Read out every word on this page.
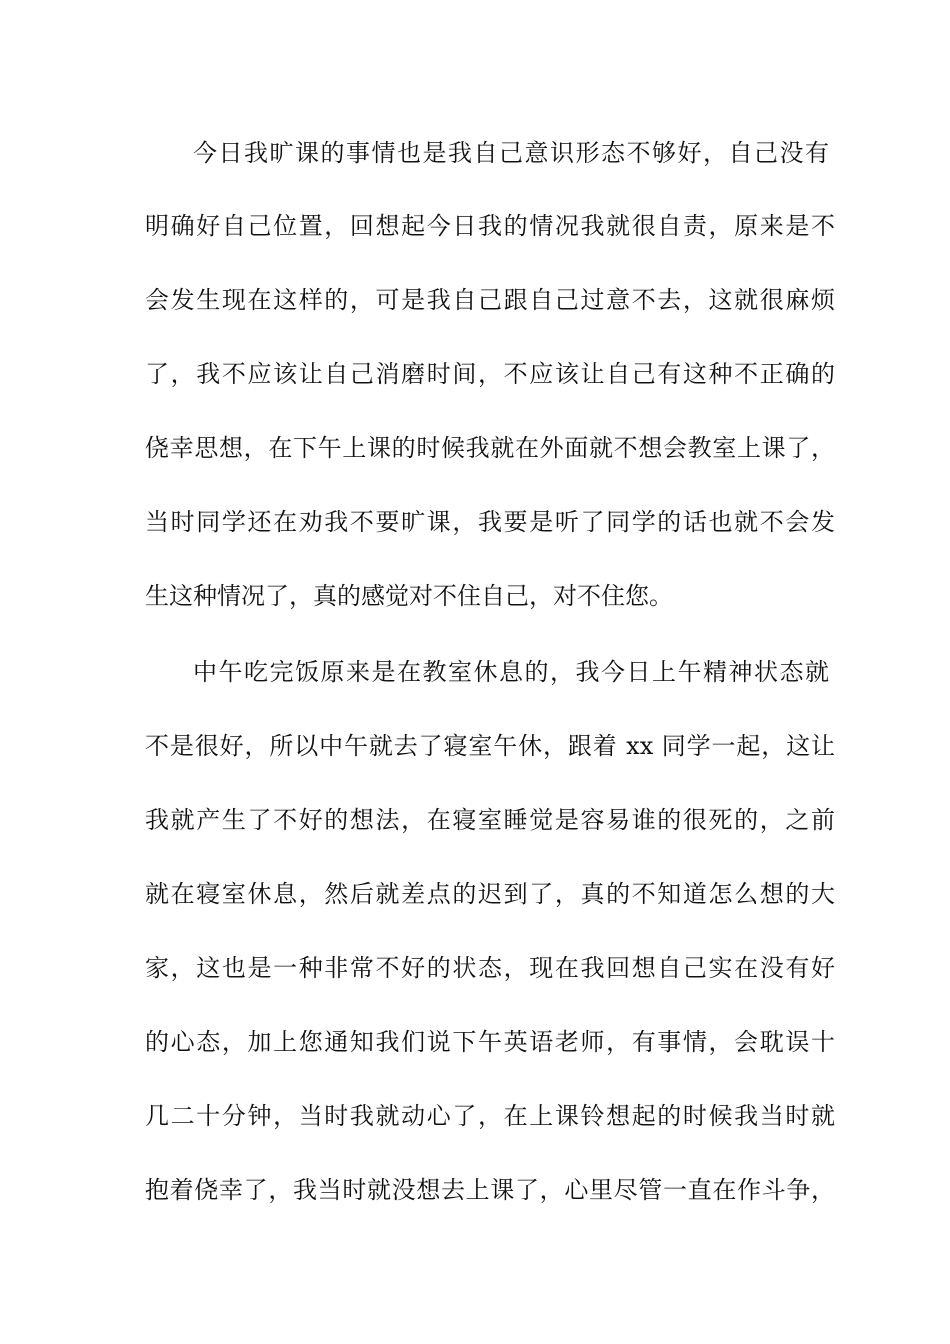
今日我旷课的事情也是我自己意识形态不够好，自己没有
明确好自己位置，回想起今日我的情况我就很自责，原来是不
会发生现在这样的，可是我自己跟自己过意不去，这就很麻烦
了，我不应该让自己消磨时间，不应该让自己有这种不正确的
侥幸思想，在下午上课的时候我就在外面就不想会教室上课了，
当时同学还在劝我不要旷课，我要是听了同学的话也就不会发
生这种情况了，真的感觉对不住自己，对不住您。
中午吃完饭原来是在教室休息的，我今日上午精神状态就
不是很好，所以中午就去了寝室午休，跟着 xx 同学一起，这让
我就产生了不好的想法，在寝室睡觉是容易谁的很死的，之前
就在寝室休息，然后就差点的迟到了，真的不知道怎么想的大
家，这也是一种非常不好的状态，现在我回想自己实在没有好
的心态，加上您通知我们说下午英语老师，有事情，会耽误十
几二十分钟，当时我就动心了，在上课铃想起的时候我当时就
抱着侥幸了，我当时就没想去上课了，心里尽管一直在作斗争，
